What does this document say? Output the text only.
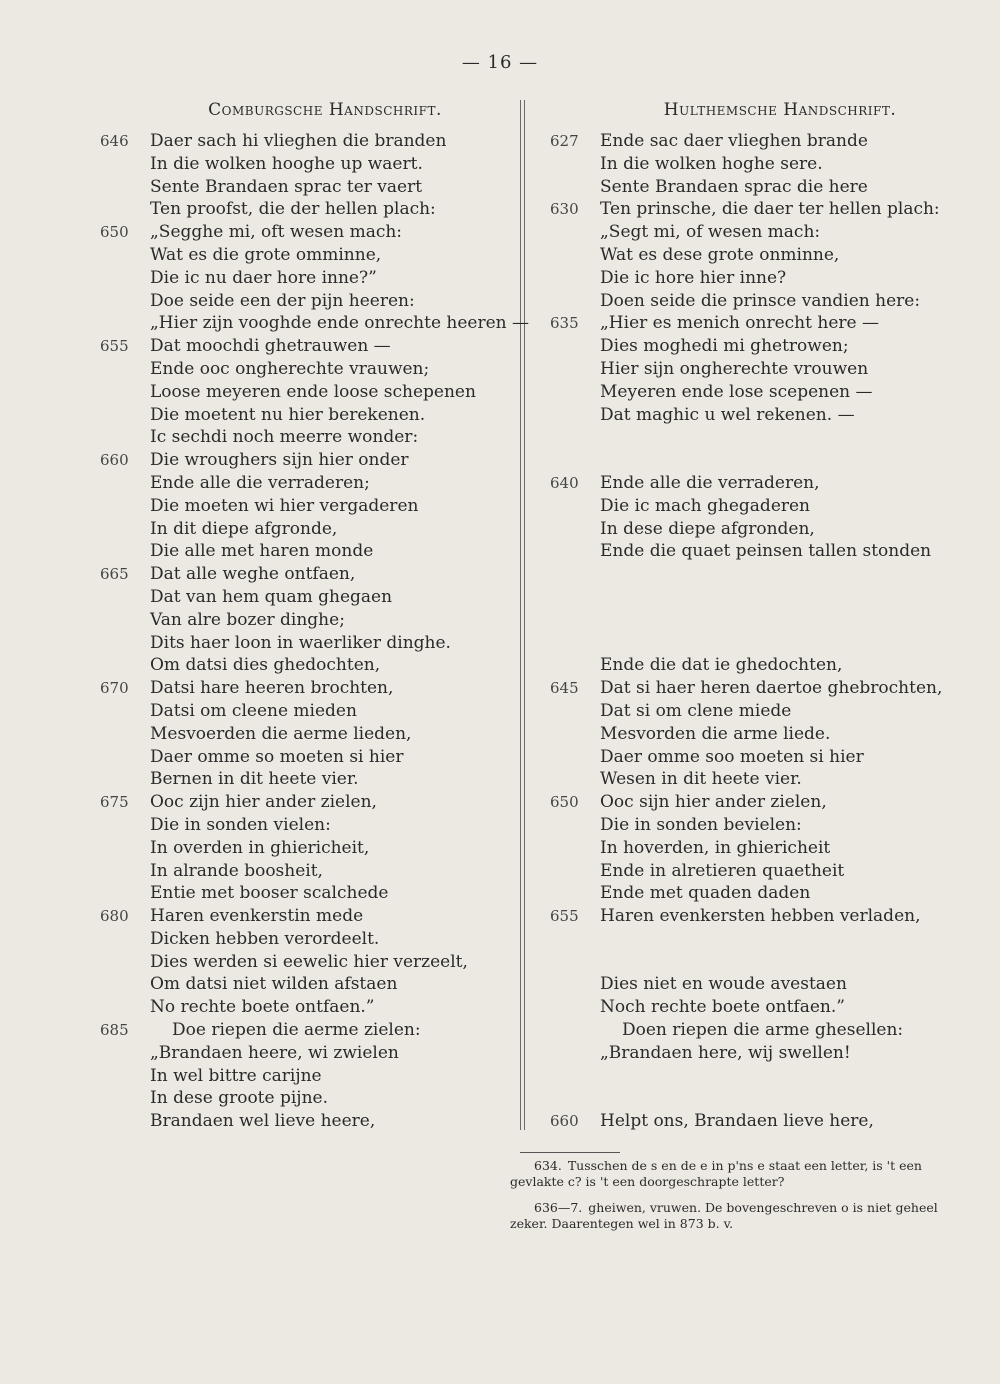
— 16 —
Comburgsche Handschrift.	Hulthemsche Handschrift.
646	Daer sach hi vlieghen die branden
In die wolken hooghe up waert.
Sente Brandaen sprac ter vaert
Ten proofst, die der hellen plach:
650	„Segghe mi, oft wesen mach:
Wat es die grote omminne,
Die ic nu daer hore inne?”
Doe seide een der pijn heeren:
„Hier zijn vooghde ende onrechte heeren —
655	Dat moochdi ghetrauwen —
Ende ooc ongherechte vrauwen;
Loose meyeren ende loose schepenen
Die moetent nu hier berekenen.
Ic sechdi noch meerre wonder:
660	Die wroughers sijn hier onder
Ende alle die verraderen;
Die moeten wi hier vergaderen
In dit diepe afgronde,
Die alle met haren monde
665	Dat alle weghe ontfaen,
Dat van hem quam ghegaen
Van alre bozer dinghe;
Dits haer loon in waerliker dinghe.
Om datsi dies ghedochten,
670	Datsi hare heeren brochten,
Datsi om cleene mieden
Mesvoerden die aerme lieden,
Daer omme so moeten si hier
Bernen in dit heete vier.
675	Ooc zijn hier ander zielen,
Die in sonden vielen:
In overden in ghiericheit,
In alrande boosheit,
Entie met booser scalchede
680	Haren evenkerstin mede
Dicken hebben verordeelt.
Dies werden si eewelic hier verzeelt,
Om datsi niet wilden afstaen
No rechte boete ontfaen.”
685	Doe riepen die aerme zielen:
„Brandaen heere, wi zwielen
In wel bittre carijne
In dese groote pijne.
Brandaen wel lieve heere,
627	Ende sac daer vlieghen brande
In die wolken hoghe sere.
Sente Brandaen sprac die here
630	Ten prinsche, die daer ter hellen plach:
„Segt mi, of wesen mach:
Wat es dese grote onminne,
Die ic hore hier inne?
Doen seide die prinsce vandien here:
635	„Hier es menich onrecht here —
Dies moghedi mi ghetrowen;
Hier sijn ongherechte vrouwen
Meyeren ende lose scepenen —
Dat maghic u wel rekenen. —
640	Ende alle die verraderen,
Die ic mach ghegaderen
In dese diepe afgronden,
Ende die quaet peinsen tallen stonden
Ende die dat ie ghedochten,
645	Dat si haer heren daertoe ghebrochten,
Dat si om clene miede
Mesvorden die arme liede.
Daer omme soo moeten si hier
Wesen in dit heete vier.
650	Ooc sijn hier ander zielen,
Die in sonden bevielen:
In hoverden, in ghiericheit
Ende in alretieren quaetheit
Ende met quaden daden
655	Haren evenkersten hebben verladen,
Dies niet en woude avestaen
Noch rechte boete ontfaen.”
Doen riepen die arme ghesellen:
„Brandaen here, wij swellen!
660	Helpt ons, Brandaen lieve here,
634. Tusschen de s en de e in p'ns e staat een letter, is 't een gevlakte c? is 't een doorgeschrapte letter?
636—7. gheiwen, vruwen. De bovengeschreven o is niet geheel zeker. Daarentegen wel in 873 b. v.
